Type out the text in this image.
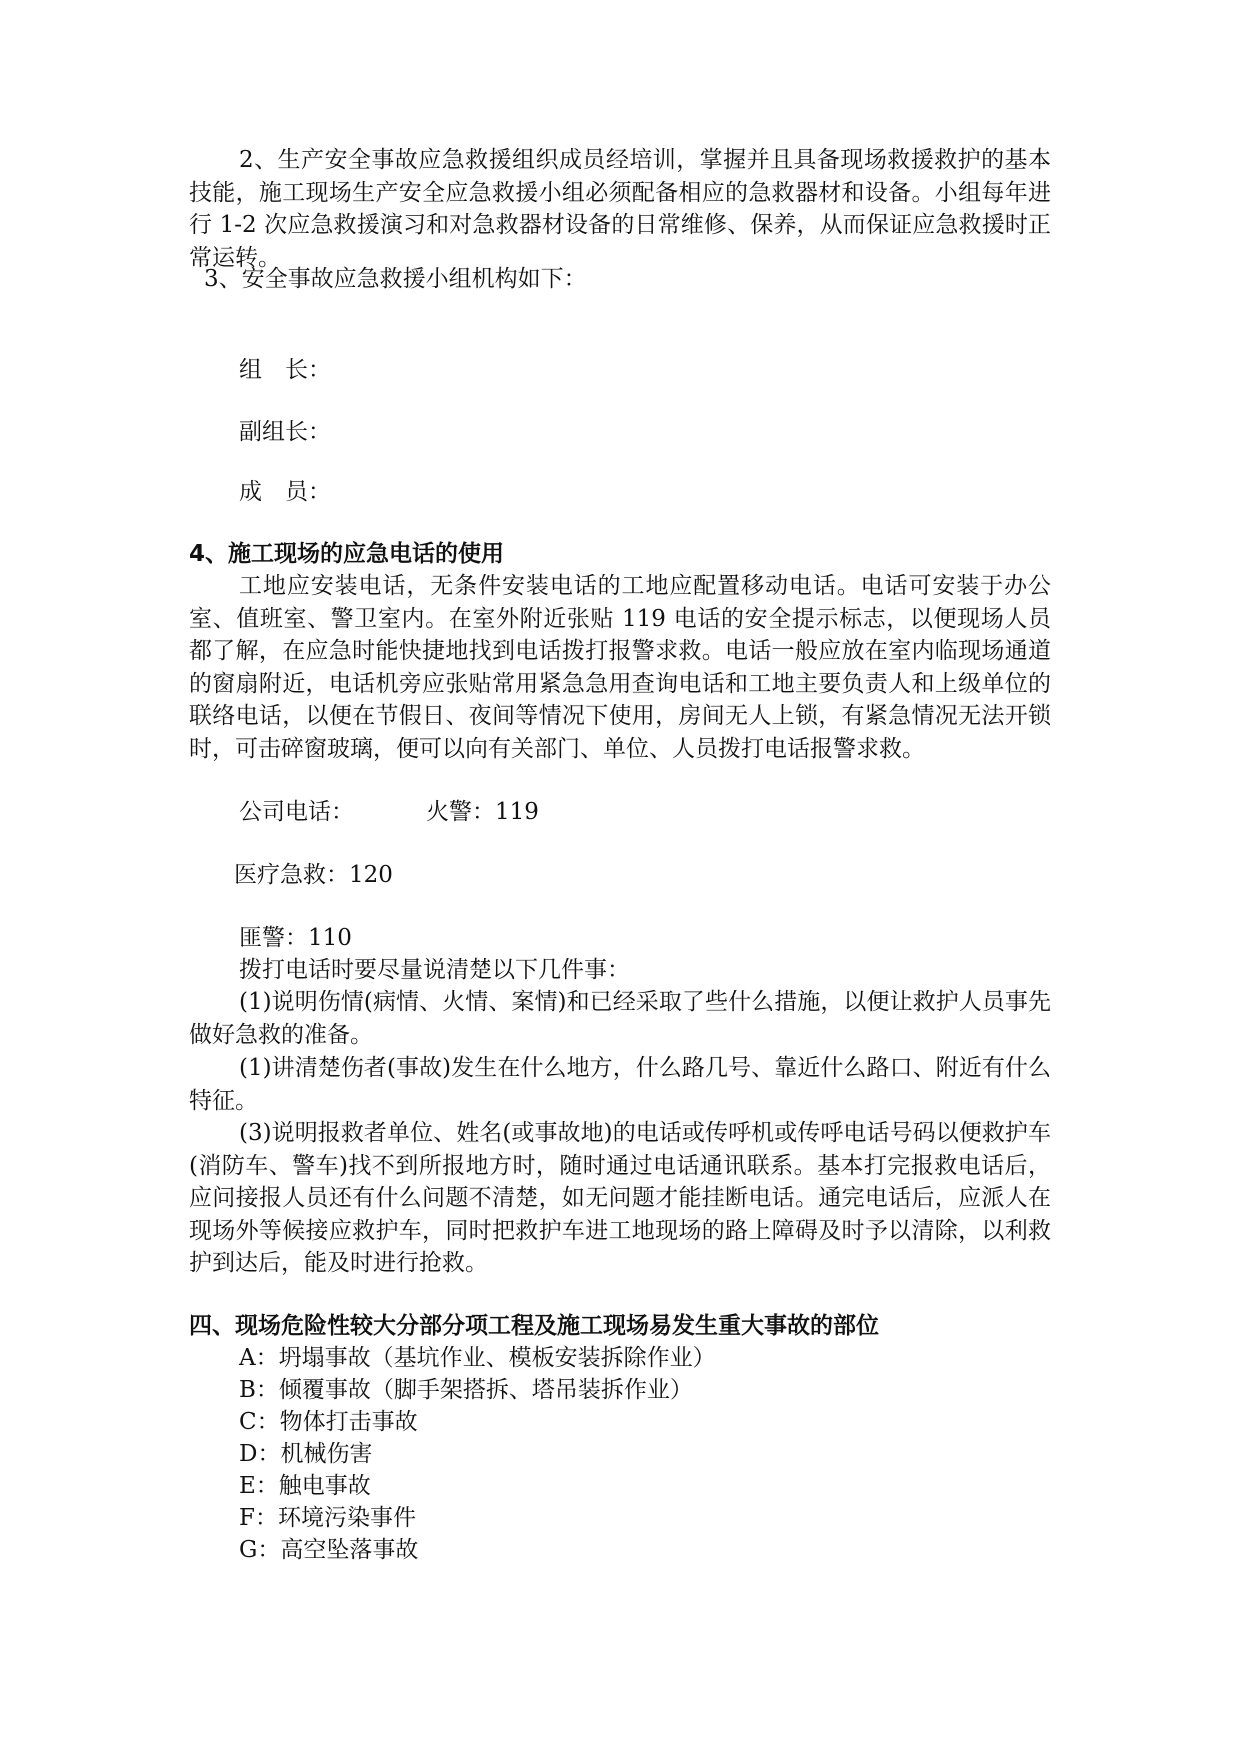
2、生产安全事故应急救援组织成员经培训，掌握并且具备现场救援救护的基本技能，施工现场生产安全应急救援小组必须配备相应的急救器材和设备。小组每年进行 1-2 次应急救援演习和对急救器材设备的日常维修、保养，从而保证应急救援时正常运转。

3、安全事故应急救援小组机构如下：

组　长：

副组长：

成　员：

4、施工现场的应急电话的使用

工地应安装电话，无条件安装电话的工地应配置移动电话。电话可安装于办公室、值班室、警卫室内。在室外附近张贴 119 电话的安全提示标志，以便现场人员都了解，在应急时能快捷地找到电话拨打报警求救。电话一般应放在室内临现场通道的窗扇附近，电话机旁应张贴常用紧急急用查询电话和工地主要负责人和上级单位的联络电话，以便在节假日、夜间等情况下使用，房间无人上锁，有紧急情况无法开锁时，可击碎窗玻璃，便可以向有关部门、单位、人员拨打电话报警求救。

公司电话：	火警：119

医疗急救：120

匪警：110

拨打电话时要尽量说清楚以下几件事：

(1)说明伤情(病情、火情、案情)和已经采取了些什么措施，以便让救护人员事先做好急救的准备。

(1)讲清楚伤者(事故)发生在什么地方，什么路几号、靠近什么路口、附近有什么特征。

(3)说明报救者单位、姓名(或事故地)的电话或传呼机或传呼电话号码以便救护车(消防车、警车)找不到所报地方时，随时通过电话通讯联系。基本打完报救电话后，应问接报人员还有什么问题不清楚，如无问题才能挂断电话。通完电话后，应派人在现场外等候接应救护车，同时把救护车进工地现场的路上障碍及时予以清除，以利救护到达后，能及时进行抢救。

四、现场危险性较大分部分项工程及施工现场易发生重大事故的部位

A：坍塌事故（基坑作业、模板安装拆除作业）

B：倾覆事故（脚手架搭拆、塔吊装拆作业）

C：物体打击事故

D：机械伤害

E：触电事故

F：环境污染事件

G：高空坠落事故
